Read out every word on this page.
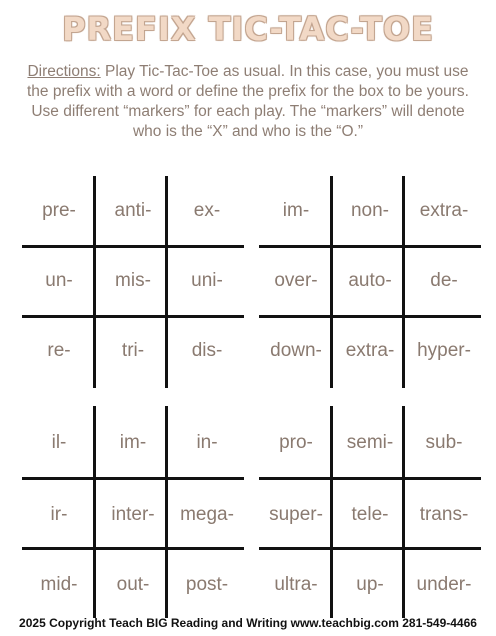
PREFIX TIC-TAC-TOE
Directions: Play Tic-Tac-Toe as usual. In this case, you must use the prefix with a word or define the prefix for the box to be yours. Use different “markers” for each play. The “markers” will denote who is the “X” and who is the “O.”
pre-	anti-	ex-
un-	mis-	uni-
re-	tri-	dis-
im-	non-	extra-
over-	auto-	de-
down-	extra-	hyper-
il-	im-	in-
ir-	inter-	mega-
mid-	out-	post-
pro-	semi-	sub-
super-	tele-	trans-
ultra-	up-	under-
2025 Copyright Teach BIG Reading and Writing www.teachbig.com 281-549-4466
